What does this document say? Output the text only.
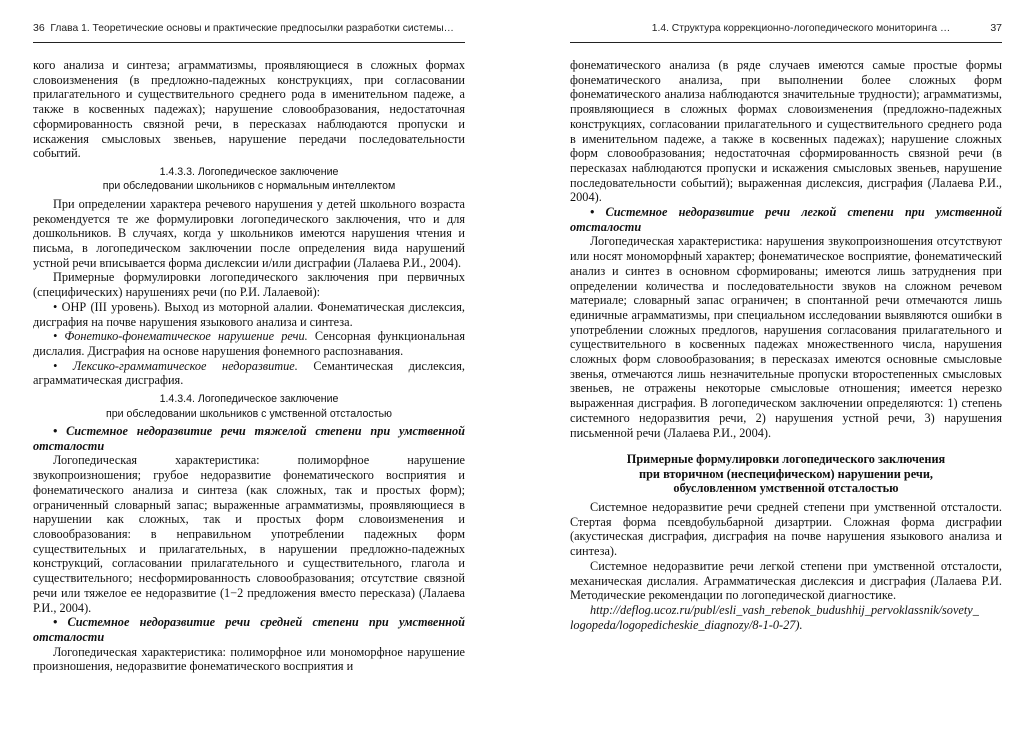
36 Глава 1. Теоретические основы и практические предпосылки разработки системы…

кого анализа и синтеза; аграмматизмы, проявляющиеся в сложных формах словоизменения (в предложно-падежных конструкциях, при согласовании прилагательного и существительного среднего рода в именительном падеже, а также в косвенных падежах); нарушение словообразования, недостаточная сформированность связной речи, в пересказах наблюдаются пропуски и искажения смысловых звеньев, нарушение передачи последовательности событий.

1.4.3.3. Логопедическое заключение
при обследовании школьников с нормальным интеллектом

При определении характера речевого нарушения у детей школьного возраста рекомендуется те же формулировки логопедического заключения, что и для дошкольников. В случаях, когда у школьников имеются нарушения чтения и письма, в логопедическом заключении после определения вида нарушений устной речи вписывается форма дислексии и/или дисграфии (Лалаева Р.И., 2004).

Примерные формулировки логопедического заключения при первичных (специфических) нарушениях речи (по Р.И. Лалаевой):

• ОНР (III уровень). Выход из моторной алалии. Фонематическая дислексия, дисграфия на почве нарушения языкового анализа и синтеза.

• Фонетико-фонематическое нарушение речи. Сенсорная функциональная дислалия. Дисграфия на основе нарушения фонемного распознавания.

• Лексико-грамматическое недоразвитие. Семантическая дислексия, аграмматическая дисграфия.

1.4.3.4. Логопедическое заключение
при обследовании школьников с умственной отсталостью

• Системное недоразвитие речи тяжелой степени при умственной отсталости

Логопедическая характеристика: полиморфное нарушение звукопроизношения; грубое недоразвитие фонематического восприятия и фонематического анализа и синтеза (как сложных, так и простых форм); ограниченный словарный запас; выраженные аграмматизмы, проявляющиеся в нарушении как сложных, так и простых форм словоизменения и словообразования: в неправильном употреблении падежных форм существительных и прилагательных, в нарушении предложно-падежных конструкций, согласовании прилагательного и существительного, глагола и существительного; несформированность словообразования; отсутствие связной речи или тяжелое ее недоразвитие (1−2 предложения вместо пересказа) (Лалаева Р.И., 2004).

• Системное недоразвитие речи средней степени при умственной отсталости

Логопедическая характеристика: полиморфное или мономорфное нарушение произношения, недоразвитие фонематического восприятия и

1.4. Структура коррекционно-логопедического мониторинга …	37

фонематического анализа (в ряде случаев имеются самые простые формы фонематического анализа, при выполнении более сложных форм фонематического анализа наблюдаются значительные трудности); аграмматизмы, проявляющиеся в сложных формах словоизменения (предложно-падежных конструкциях, согласовании прилагательного и существительного среднего рода в именительном падеже, а также в косвенных падежах); нарушение сложных форм словообразования; недостаточная сформированность связной речи (в пересказах наблюдаются пропуски и искажения смысловых звеньев, нарушение последовательности событий); выраженная дислексия, дисграфия (Лалаева Р.И., 2004).

• Системное недоразвитие речи легкой степени при умственной отсталости

Логопедическая характеристика: нарушения звукопроизношения отсутствуют или носят мономорфный характер; фонематическое восприятие, фонематический анализ и синтез в основном сформированы; имеются лишь затруднения при определении количества и последовательности звуков на сложном речевом материале; словарный запас ограничен; в спонтанной речи отмечаются лишь единичные аграмматизмы, при специальном исследовании выявляются ошибки в употреблении сложных предлогов, нарушения согласования прилагательного и существительного в косвенных падежах множественного числа, нарушения сложных форм словообразования; в пересказах имеются основные смысловые звенья, отмечаются лишь незначительные пропуски второстепенных смысловых звеньев, не отражены некоторые смысловые отношения; имеется нерезко выраженная дисграфия. В логопедическом заключении определяются: 1) степень системного недоразвития речи, 2) нарушения устной речи, 3) нарушения письменной речи (Лалаева Р.И., 2004).

Примерные формулировки логопедического заключения
при вторичном (неспецифическом) нарушении речи,
обусловленном умственной отсталостью

Системное недоразвитие речи средней степени при умственной отсталости. Стертая форма псевдобульбарной дизартрии. Сложная форма дисграфии (акустическая дисграфия, дисграфия на почве нарушения языкового анализа и синтеза).

Системное недоразвитие речи легкой степени при умственной отсталости, механическая дислалия. Аграмматическая дислексия и дисграфия (Лалаева Р.И. Методические рекомендации по логопедической диагностике.

http://deflog.ucoz.ru/publ/esli_vash_rebenok_budushhij_pervoklassnik/sovety_
logopeda/logopedicheskie_diagnozy/8-1-0-27).
